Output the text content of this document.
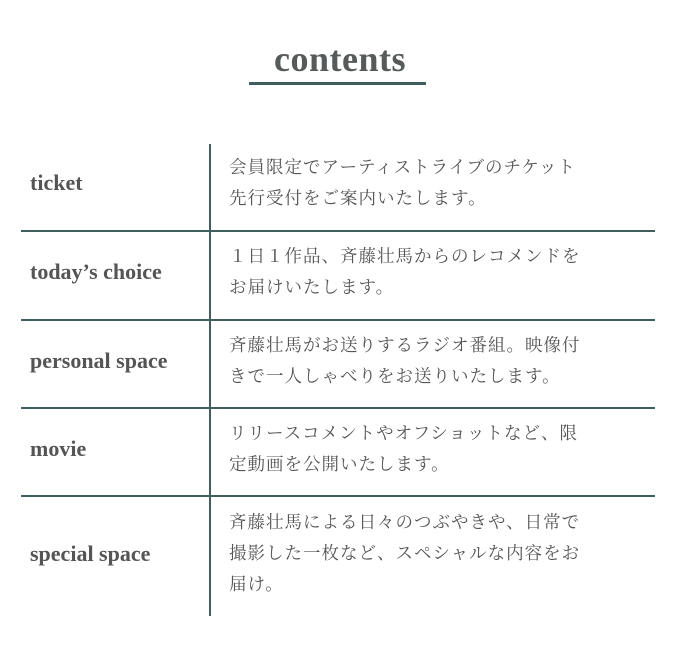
contents
ticket
会員限定でアーティストライブのチケット
先行受付をご案内いたします。
today’s choice
１日１作品、斉藤壮馬からのレコメンドを
お届けいたします。
personal space
斉藤壮馬がお送りするラジオ番組。映像付
きで一人しゃべりをお送りいたします。
movie
リリースコメントやオフショットなど、限
定動画を公開いたします。
special space
斉藤壮馬による日々のつぶやきや、日常で
撮影した一枚など、スペシャルな内容をお
届け。
